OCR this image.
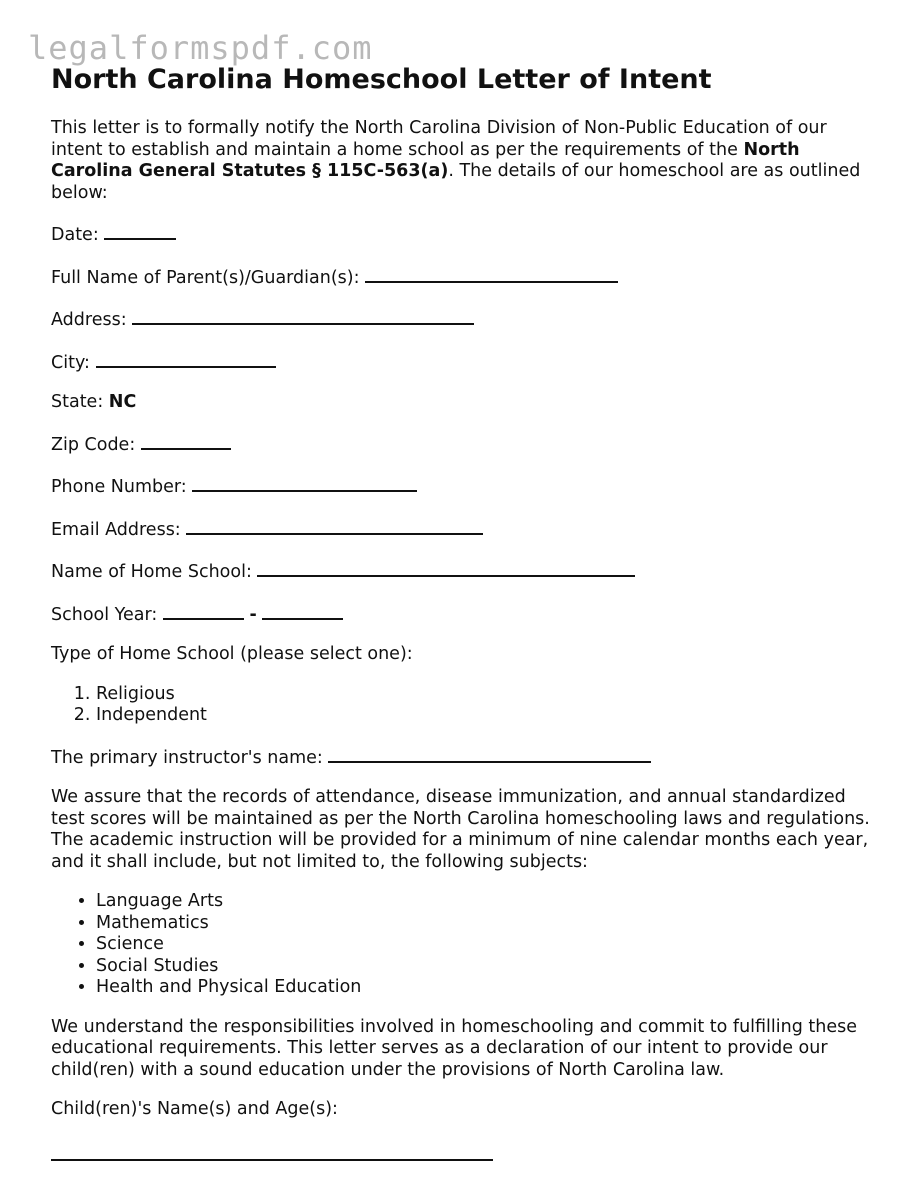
legalformspdf.com
North Carolina Homeschool Letter of Intent

This letter is to formally notify the North Carolina Division of Non-Public Education of our intent to establish and maintain a home school as per the requirements of the North Carolina General Statutes § 115C-563(a). The details of our homeschool are as outlined below:

Date:
Full Name of Parent(s)/Guardian(s):
Address:
City:
State: NC
Zip Code:
Phone Number:
Email Address:
Name of Home School:
School Year:	-
Type of Home School (please select one):
1. Religious
2. Independent
The primary instructor's name:

We assure that the records of attendance, disease immunization, and annual standardized test scores will be maintained as per the North Carolina homeschooling laws and regulations. The academic instruction will be provided for a minimum of nine calendar months each year, and it shall include, but not limited to, the following subjects:

• Language Arts
• Mathematics
• Science
• Social Studies
• Health and Physical Education

We understand the responsibilities involved in homeschooling and commit to fulfilling these educational requirements. This letter serves as a declaration of our intent to provide our child(ren) with a sound education under the provisions of North Carolina law.

Child(ren)'s Name(s) and Age(s):
